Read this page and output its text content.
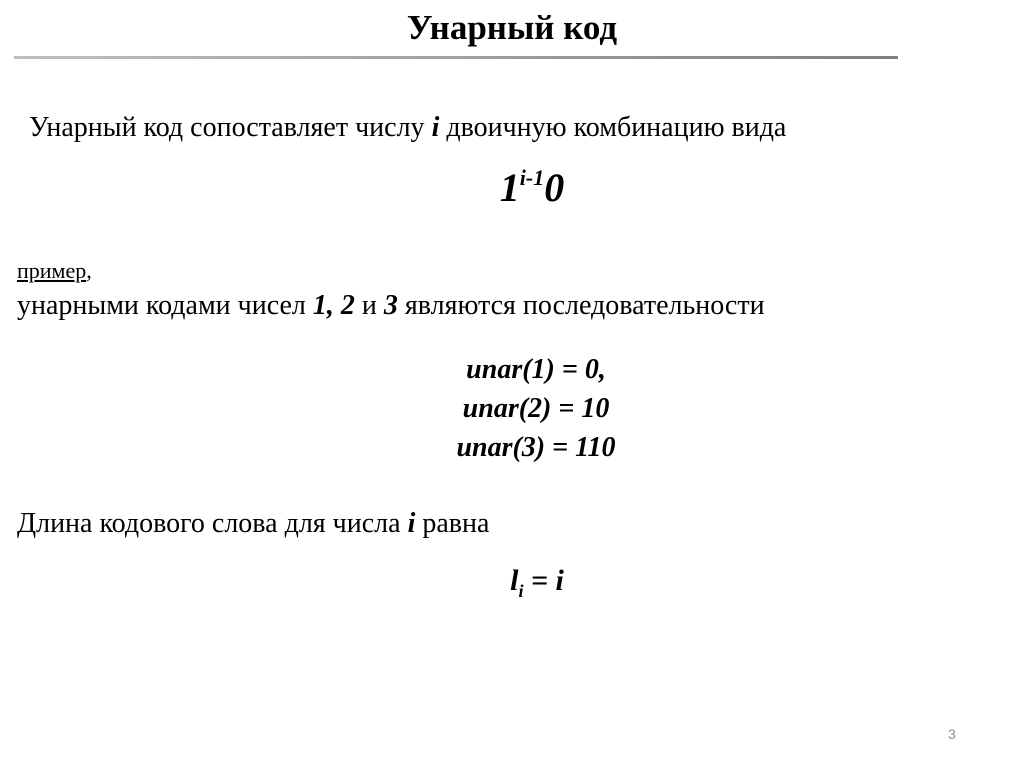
Унарный код
Унарный код сопоставляет числу i двоичную комбинацию вида
1$^{i-1}$0
пример,
унарными кодами чисел 1, 2 и 3 являются последовательности
unar(1) = 0,
unar(2) = 10
unar(3) = 110
Длина кодового слова для числа i равна
$l_i = i$
3
